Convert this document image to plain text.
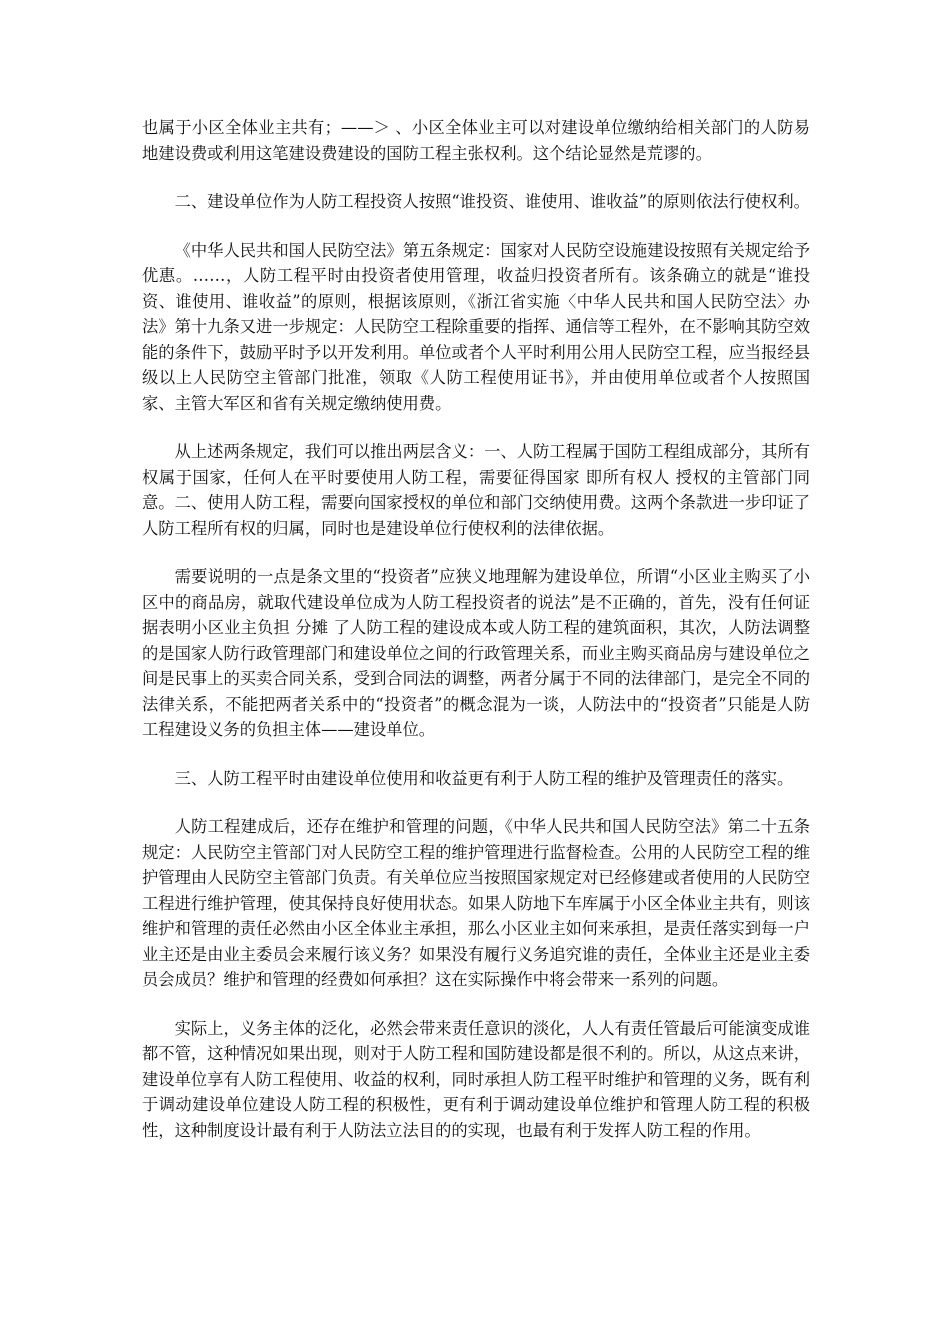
也属于小区全体业主共有；——＞ 、小区全体业主可以对建设单位缴纳给相关部门的人防易地建设费或利用这笔建设费建设的国防工程主张权利。这个结论显然是荒谬的。

二、建设单位作为人防工程投资人按照“谁投资、谁使用、谁收益”的原则依法行使权利。

《中华人民共和国人民防空法》第五条规定：国家对人民防空设施建设按照有关规定给予优惠。……，人防工程平时由投资者使用管理，收益归投资者所有。该条确立的就是“谁投资、谁使用、谁收益”的原则，根据该原则，《浙江省实施〈中华人民共和国人民防空法〉办法》第十九条又进一步规定：人民防空工程除重要的指挥、通信等工程外，在不影响其防空效能的条件下，鼓励平时予以开发利用。单位或者个人平时利用公用人民防空工程，应当报经县级以上人民防空主管部门批准，领取《人防工程使用证书》，并由使用单位或者个人按照国家、主管大军区和省有关规定缴纳使用费。

从上述两条规定，我们可以推出两层含义：一、人防工程属于国防工程组成部分，其所有权属于国家，任何人在平时要使用人防工程，需要征得国家 即所有权人 授权的主管部门同意。二、使用人防工程，需要向国家授权的单位和部门交纳使用费。这两个条款进一步印证了人防工程所有权的归属，同时也是建设单位行使权利的法律依据。

需要说明的一点是条文里的“投资者”应狭义地理解为建设单位，所谓“小区业主购买了小区中的商品房，就取代建设单位成为人防工程投资者的说法”是不正确的，首先，没有任何证据表明小区业主负担 分摊 了人防工程的建设成本或人防工程的建筑面积，其次，人防法调整的是国家人防行政管理部门和建设单位之间的行政管理关系，而业主购买商品房与建设单位之间是民事上的买卖合同关系，受到合同法的调整，两者分属于不同的法律部门，是完全不同的法律关系，不能把两者关系中的“投资者”的概念混为一谈，人防法中的“投资者”只能是人防工程建设义务的负担主体——建设单位。

三、人防工程平时由建设单位使用和收益更有利于人防工程的维护及管理责任的落实。

人防工程建成后，还存在维护和管理的问题，《中华人民共和国人民防空法》第二十五条规定：人民防空主管部门对人民防空工程的维护管理进行监督检查。公用的人民防空工程的维护管理由人民防空主管部门负责。有关单位应当按照国家规定对已经修建或者使用的人民防空工程进行维护管理，使其保持良好使用状态。如果人防地下车库属于小区全体业主共有，则该维护和管理的责任必然由小区全体业主承担，那么小区业主如何来承担，是责任落实到每一户业主还是由业主委员会来履行该义务？如果没有履行义务追究谁的责任，全体业主还是业主委员会成员？维护和管理的经费如何承担？这在实际操作中将会带来一系列的问题。

实际上，义务主体的泛化，必然会带来责任意识的淡化，人人有责任管最后可能演变成谁都不管，这种情况如果出现，则对于人防工程和国防建设都是很不利的。所以，从这点来讲，建设单位享有人防工程使用、收益的权利，同时承担人防工程平时维护和管理的义务，既有利于调动建设单位建设人防工程的积极性，更有利于调动建设单位维护和管理人防工程的积极性，这种制度设计最有利于人防法立法目的的实现，也最有利于发挥人防工程的作用。
